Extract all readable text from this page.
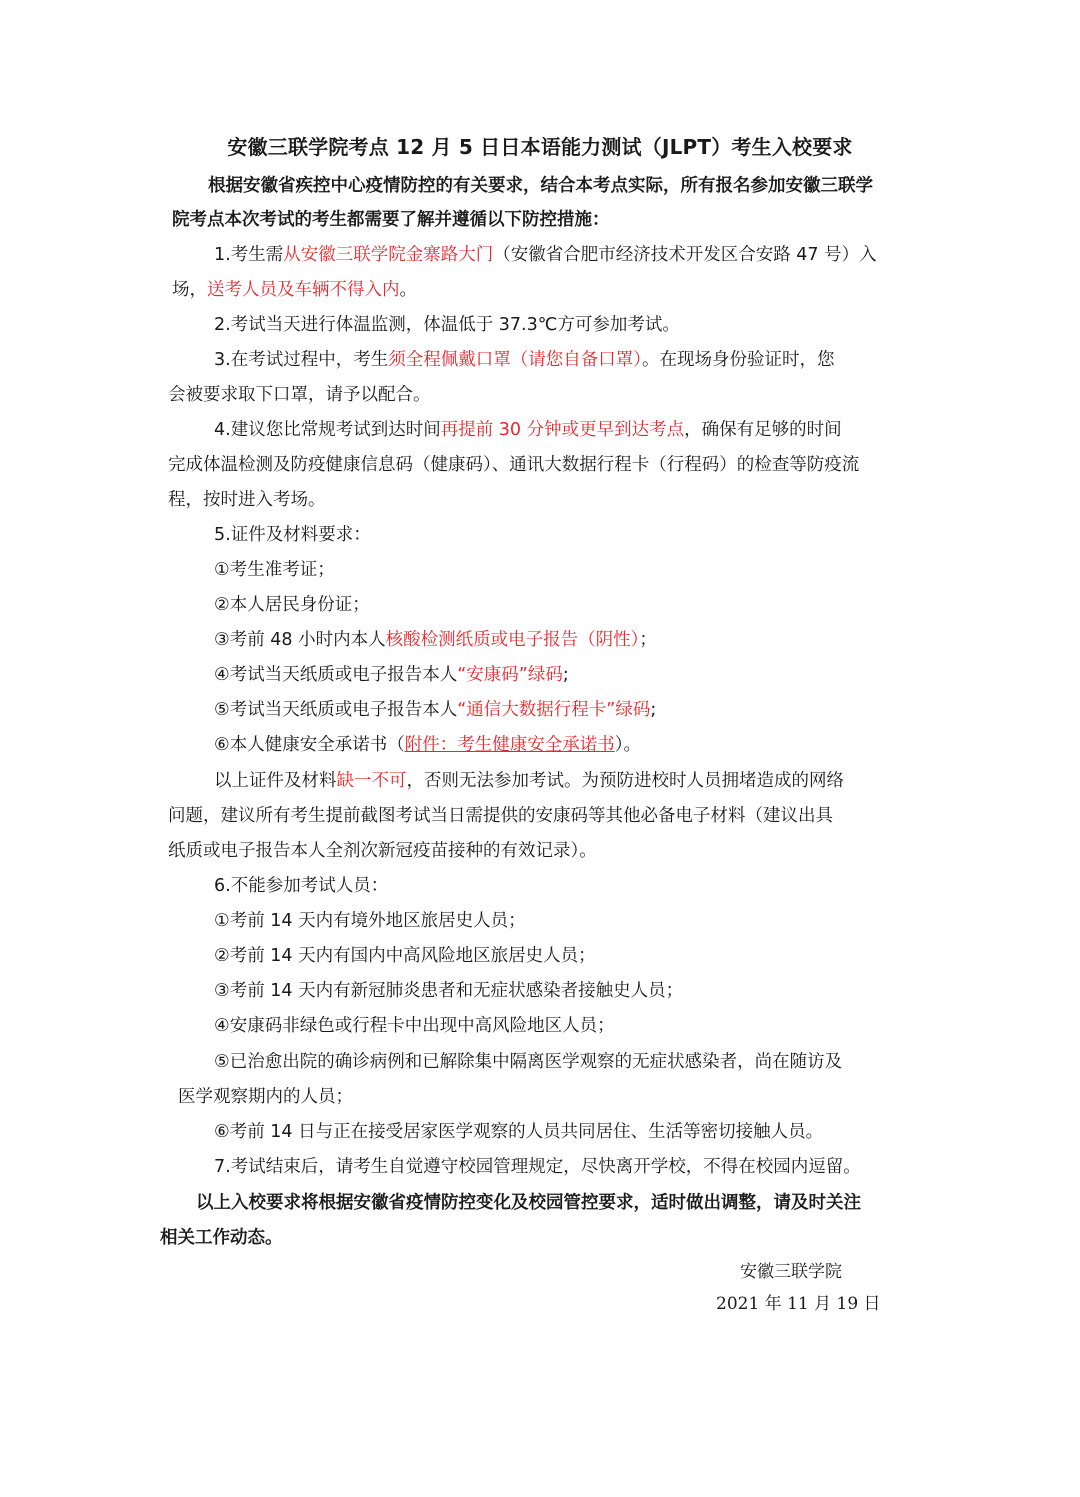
安徽三联学院考点 12 月 5 日日本语能力测试（JLPT）考生入校要求
根据安徽省疾控中心疫情防控的有关要求，结合本考点实际，所有报名参加安徽三联学
院考点本次考试的考生都需要了解并遵循以下防控措施：
1.考生需从安徽三联学院金寨路大门（安徽省合肥市经济技术开发区合安路 47 号）入
场，送考人员及车辆不得入内。
2.考试当天进行体温监测，体温低于 37.3℃方可参加考试。
3.在考试过程中，考生须全程佩戴口罩（请您自备口罩）。在现场身份验证时，您
会被要求取下口罩，请予以配合。
4.建议您比常规考试到达时间再提前 30 分钟或更早到达考点，确保有足够的时间
完成体温检测及防疫健康信息码（健康码）、通讯大数据行程卡（行程码）的检查等防疫流
程，按时进入考场。
5.证件及材料要求：
①考生准考证；
②本人居民身份证；
③考前 48 小时内本人核酸检测纸质或电子报告（阴性）；
④考试当天纸质或电子报告本人“安康码”绿码;
⑤考试当天纸质或电子报告本人“通信大数据行程卡”绿码;
⑥本人健康安全承诺书（附件：考生健康安全承诺书）。
以上证件及材料缺一不可，否则无法参加考试。为预防进校时人员拥堵造成的网络
问题，建议所有考生提前截图考试当日需提供的安康码等其他必备电子材料（建议出具
纸质或电子报告本人全剂次新冠疫苗接种的有效记录）。
6.不能参加考试人员：
①考前 14 天内有境外地区旅居史人员；
②考前 14 天内有国内中高风险地区旅居史人员；
③考前 14 天内有新冠肺炎患者和无症状感染者接触史人员；
④安康码非绿色或行程卡中出现中高风险地区人员；
⑤已治愈出院的确诊病例和已解除集中隔离医学观察的无症状感染者，尚在随访及
医学观察期内的人员；
⑥考前 14 日与正在接受居家医学观察的人员共同居住、生活等密切接触人员。
7.考试结束后，请考生自觉遵守校园管理规定，尽快离开学校，不得在校园内逗留。
以上入校要求将根据安徽省疫情防控变化及校园管控要求，适时做出调整，请及时关注
相关工作动态。
安徽三联学院
2021 年 11 月 19 日
